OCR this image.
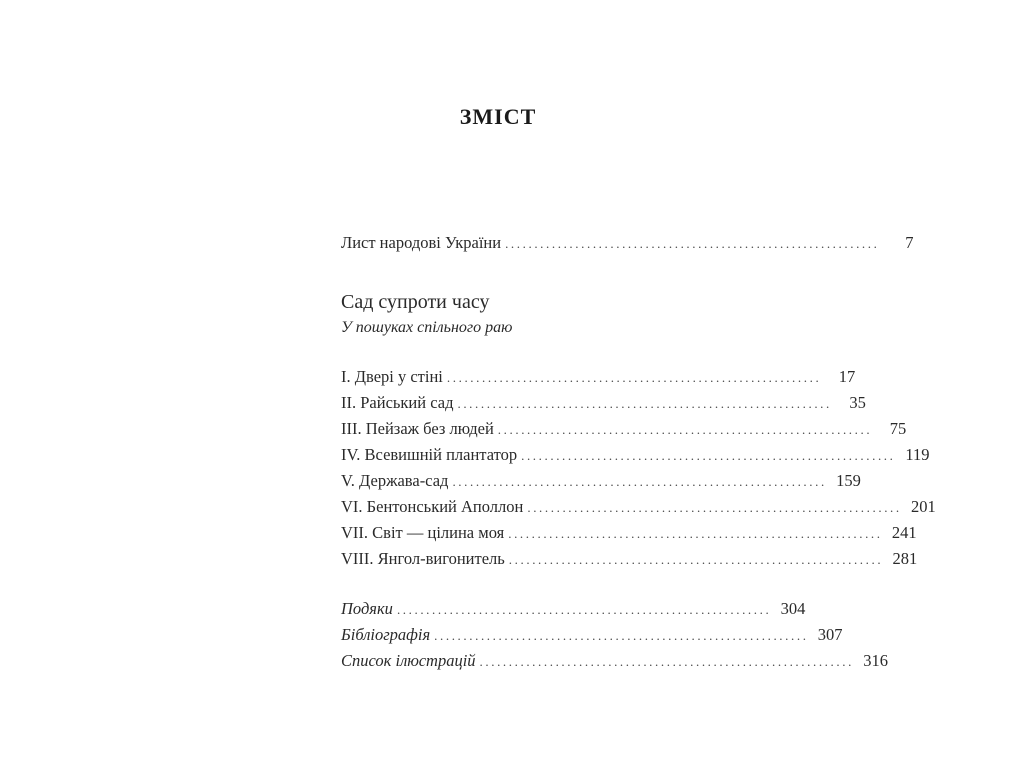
ЗМІСТ
Лист народові України ................................................................	7
Сад супроти часу
У пошуках спільного раю
I. Двері у стіні ................................................................	17
II. Райський сад ................................................................	35
III. Пейзаж без людей ................................................................	75
IV. Всевишній плантатор ................................................................ 119
V. Держава-сад ................................................................ 159
VI. Бентонський Аполлон ................................................................ 201
VII. Світ — цілина моя ................................................................ 241
VIII. Янгол-вигонитель ................................................................ 281
Подяки ................................................................ 304
Бібліографія ................................................................ 307
Список ілюстрацій ................................................................ 316
